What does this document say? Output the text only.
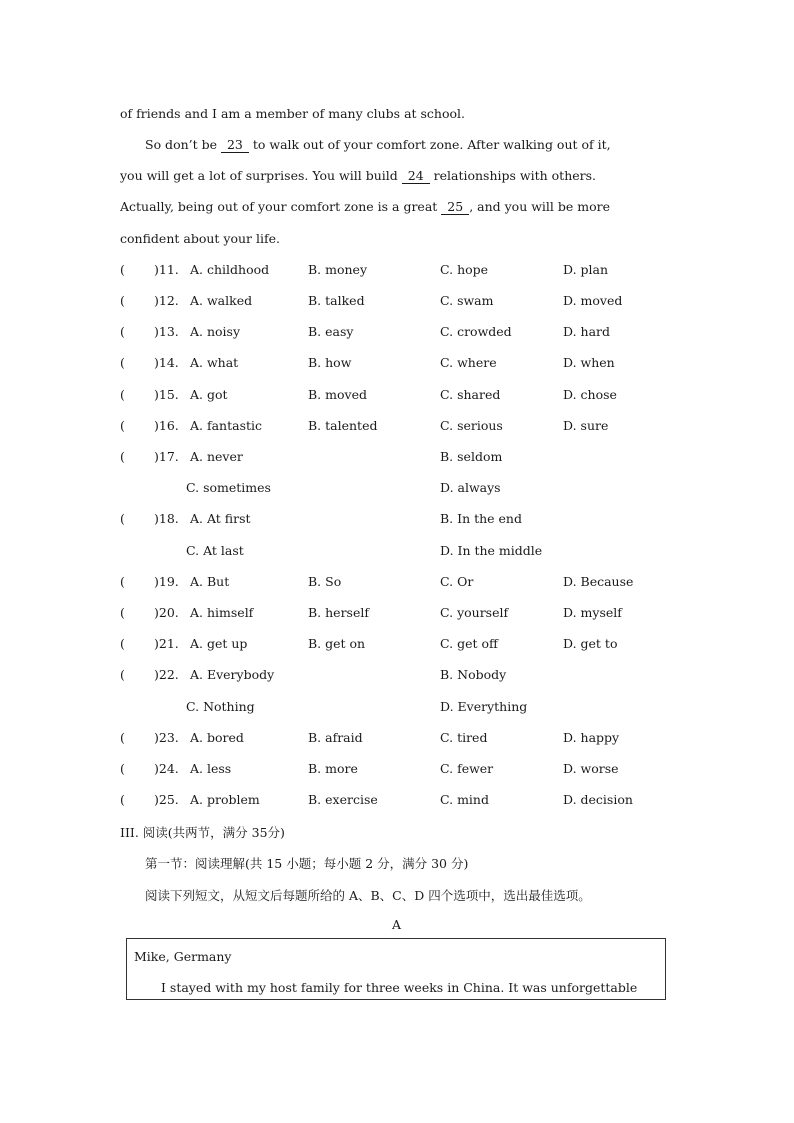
of friends and I am a member of many clubs at school.
So don’t be 23 to walk out of your comfort zone. After walking out of it,
you will get a lot of surprises. You will build 24 relationships with others.
Actually, being out of your comfort zone is a great 25 , and you will be more
confident about your life.
( )11. A. childhood	B. money	C. hope	D. plan
( )12. A. walked	B. talked	C. swam	D. moved
( )13. A. noisy	B. easy	C. crowded	D. hard
( )14. A. what	B. how	C. where	D. when
( )15. A. got	B. moved	C. shared	D. chose
( )16. A. fantastic	B. talented	C. serious	D. sure
( )17. A. never	B. seldom
C. sometimes	D. always
( )18. A. At first	B. In the end
C. At last	D. In the middle
( )19. A. But	B. So	C. Or	D. Because
( )20. A. himself	B. herself	C. yourself	D. myself
( )21. A. get up	B. get on	C. get off	D. get to
( )22. A. Everybody	B. Nobody
C. Nothing	D. Everything
( )23. A. bored	B. afraid	C. tired	D. happy
( )24. A. less	B. more	C. fewer	D. worse
( )25. A. problem	B. exercise	C. mind	D. decision
III. 阅读(共两节，满分 35分)
第一节：阅读理解(共 15 小题；每小题 2 分，满分 30 分)
阅读下列短文，从短文后每题所给的 A、B、C、D 四个选项中，选出最佳选项。
A
Mike, Germany
I stayed with my host family for three weeks in China. It was unforgettable
